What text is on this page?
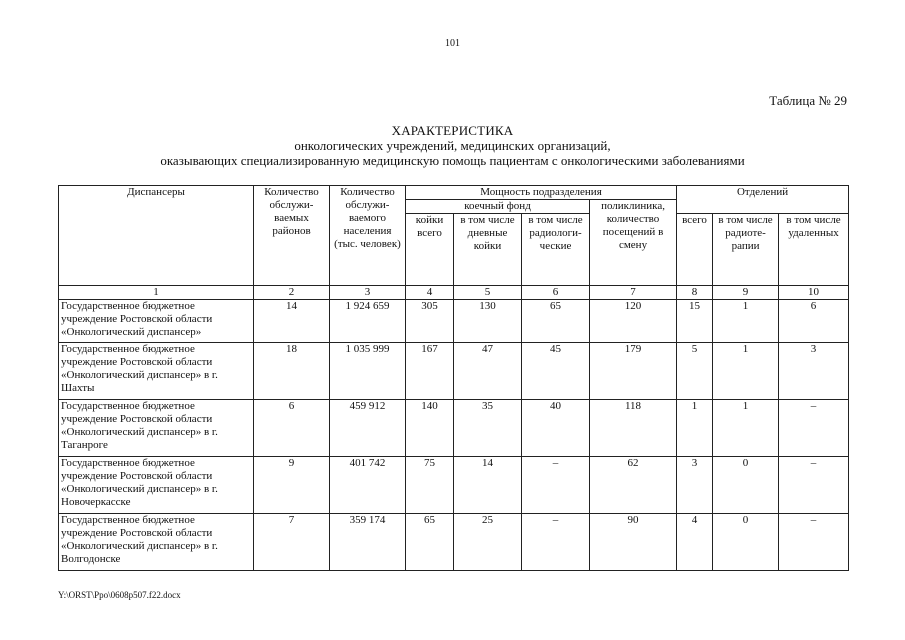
101
Таблица № 29
ХАРАКТЕРИСТИКА
онкологических учреждений, медицинских организаций,
оказывающих специализированную медицинскую помощь пациентам с онкологическими заболеваниями
Диспансеры	Количество обслужи-ваемых районов	Количество обслужи-ваемого населения (тыс. человек)	Мощность подразделения				Отделений		
			коечный фонд			поликлиника, количество посещений в смену			
			койки всего	в том числе дневные койки	в том числе радиологи-ческие		всего	в том числе радиоте-рапии	в том числе удаленных
1	2	3	4	5	6	7	8	9	10
Государственное бюджетное учреждение Ростовской области «Онкологический диспансер»	14	1 924 659	305	130	65	120	15	1	6
Государственное бюджетное учреждение Ростовской области «Онкологический диспансер» в г. Шахты	18	1 035 999	167	47	45	179	5	1	3
Государственное бюджетное учреждение Ростовской области «Онкологический диспансер» в г. Таганроге	6	459 912	140	35	40	118	1	1	–
Государственное бюджетное учреждение Ростовской области «Онкологический диспансер» в г. Новочеркасске	9	401 742	75	14	–	62	3	0	–
Государственное бюджетное учреждение Ростовской области «Онкологический диспансер» в г. Волгодонске	7	359 174	65	25	–	90	4	0	–
Y:\ORST\Ppo\0608p507.f22.docx
